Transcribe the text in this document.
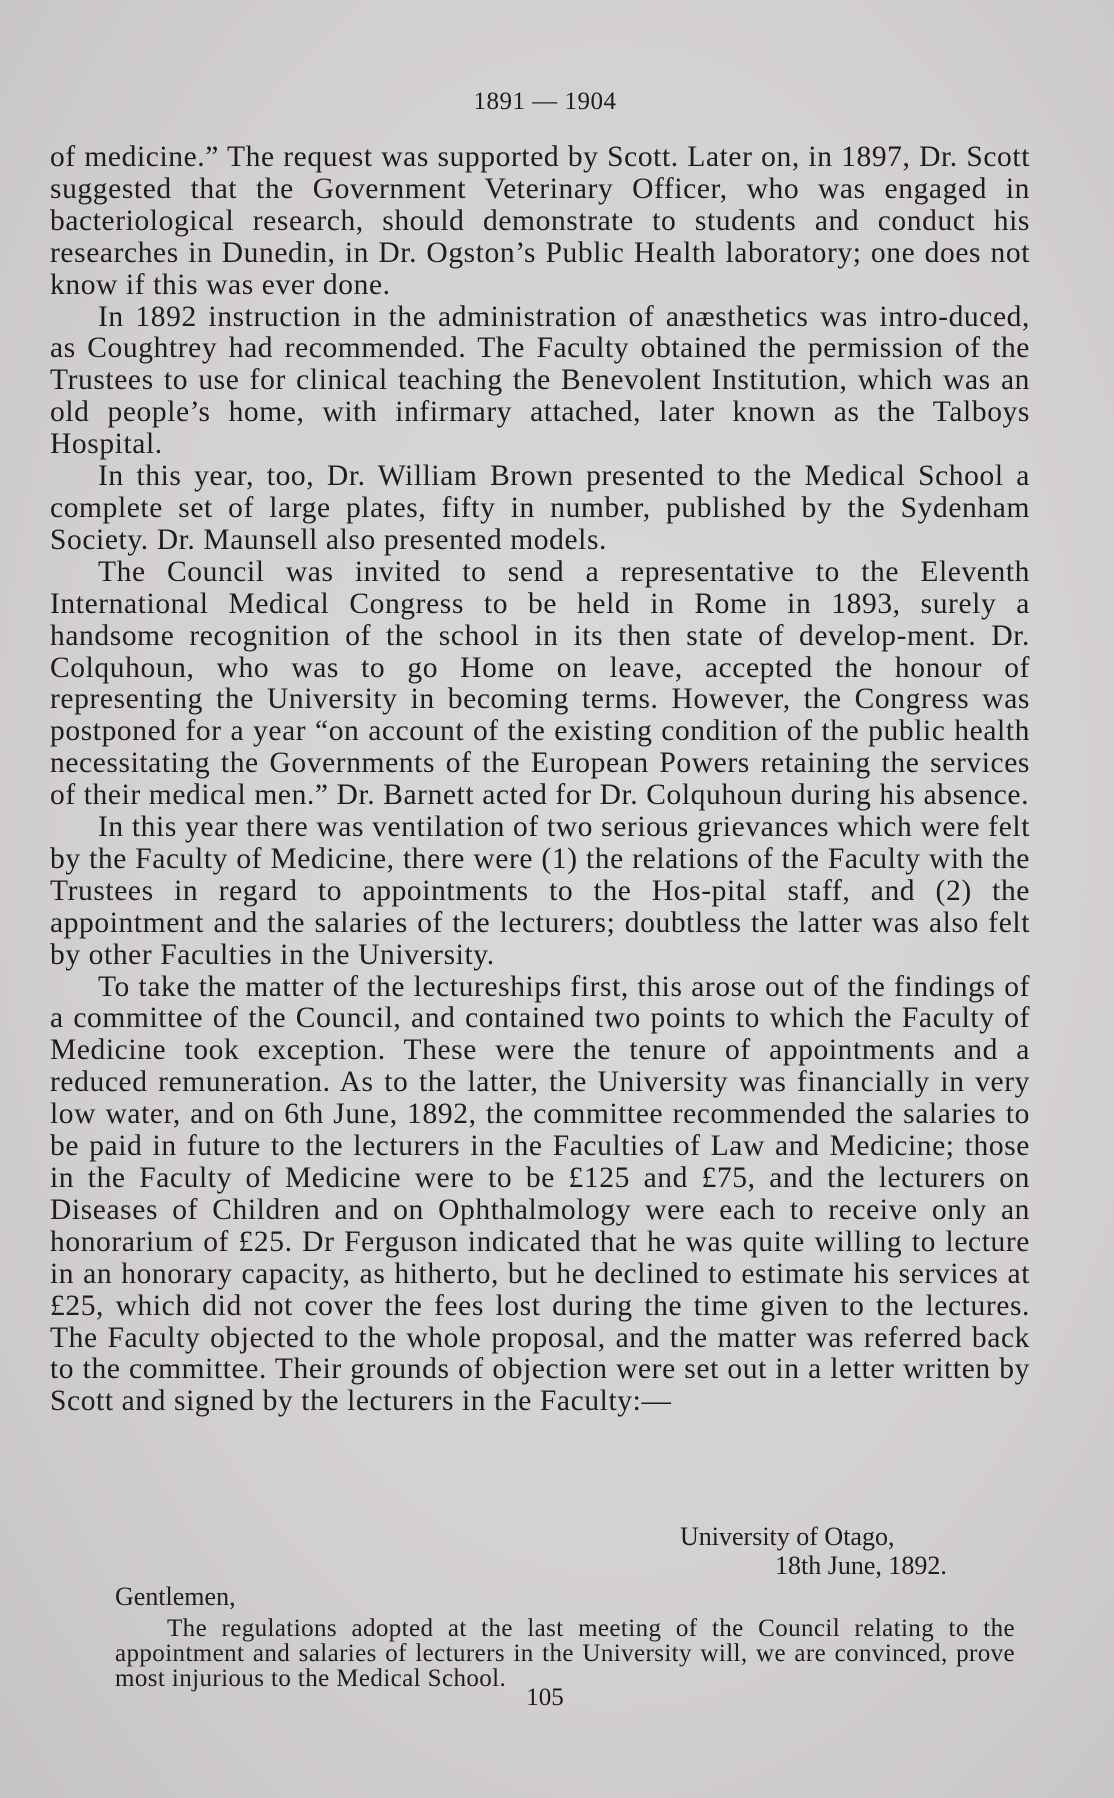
1891 — 1904

of medicine.” The request was supported by Scott. Later on, in 1897, Dr. Scott suggested that the Government Veterinary Officer, who was engaged in bacteriological research, should demonstrate to students and conduct his researches in Dunedin, in Dr. Ogston’s Public Health laboratory; one does not know if this was ever done.

In 1892 instruction in the administration of anæsthetics was intro-duced, as Coughtrey had recommended. The Faculty obtained the permission of the Trustees to use for clinical teaching the Benevolent Institution, which was an old people’s home, with infirmary attached, later known as the Talboys Hospital.

In this year, too, Dr. William Brown presented to the Medical School a complete set of large plates, fifty in number, published by the Sydenham Society. Dr. Maunsell also presented models.

The Council was invited to send a representative to the Eleventh International Medical Congress to be held in Rome in 1893, surely a handsome recognition of the school in its then state of develop-ment. Dr. Colquhoun, who was to go Home on leave, accepted the honour of representing the University in becoming terms. However, the Congress was postponed for a year “on account of the existing condition of the public health necessitating the Governments of the European Powers retaining the services of their medical men.” Dr. Barnett acted for Dr. Colquhoun during his absence.

In this year there was ventilation of two serious grievances which were felt by the Faculty of Medicine, there were (1) the relations of the Faculty with the Trustees in regard to appointments to the Hos-pital staff, and (2) the appointment and the salaries of the lecturers; doubtless the latter was also felt by other Faculties in the University.

To take the matter of the lectureships first, this arose out of the findings of a committee of the Council, and contained two points to which the Faculty of Medicine took exception. These were the tenure of appointments and a reduced remuneration. As to the latter, the University was financially in very low water, and on 6th June, 1892, the committee recommended the salaries to be paid in future to the lecturers in the Faculties of Law and Medicine; those in the Faculty of Medicine were to be £125 and £75, and the lecturers on Diseases of Children and on Ophthalmology were each to receive only an honorarium of £25. Dr Ferguson indicated that he was quite willing to lecture in an honorary capacity, as hitherto, but he declined to estimate his services at £25, which did not cover the fees lost during the time given to the lectures. The Faculty objected to the whole proposal, and the matter was referred back to the committee. Their grounds of objection were set out in a letter written by Scott and signed by the lecturers in the Faculty:—

University of Otago,
18th June, 1892.
Gentlemen,
The regulations adopted at the last meeting of the Council relating to the appointment and salaries of lecturers in the University will, we are convinced, prove most injurious to the Medical School.
105
